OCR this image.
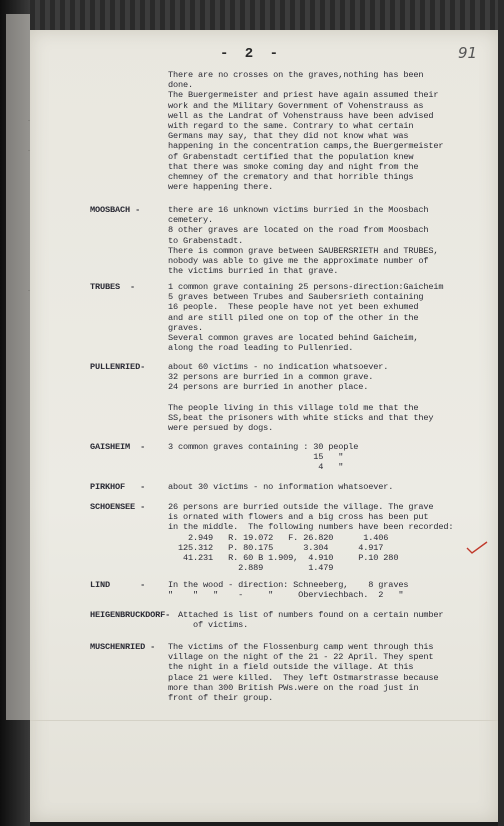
- 2 -	91
There are no crosses on the graves,nothing has been
done.
The Buergermeister and priest have again assumed their
work and the Military Government of Vohenstrauss as
well as the Landrat of Vohenstrauss have been advised
with regard to the same. Contrary to what certain
Germans may say, that they did not know what was
happening in the concentration camps,the Buergermeister
of Grabenstadt certified that the population knew
that there was smoke coming day and night from the
chemney of the crematory and that horrible things
were happening there.
MOOSBACH -	there are 16 unknown victims burried in the Moosbach
cemetery.
8 other graves are located on the road from Moosbach
to Grabenstadt.
There is common grave between SAUBERSRIETH and TRUBES,
nobody was able to give me the approximate number of
the victims burried in that grave.
TRUBES  -	1 common grave containing 25 persons-direction:Gaicheim
5 graves between Trubes and Saubersrieth containing
16 people.  These people have not yet been exhumed
and are still piled one on top of the other in the
graves.
Several common graves are located behind Gaicheim,
along the road leading to Pullenried.
PULLENRIED-	about 60 victims - no indication whatsoever.
32 persons are burried in a common grave.
24 persons are burried in another place.

The people living in this village told me that the
SS,beat the prisoners with white sticks and that they
were persued by dogs.
GAISHEIM  -	3 common graves containing : 30 people
15   "
4   "
PIRKHOF   -	about 30 victims - no information whatsoever.
SCHOENSEE -	26 persons are burried outside the village. The grave
is ornated with flowers and a big cross has been put
in the middle.  The following numbers have been recorded:
2.949   R. 19.072   F. 26.820      1.406
125.312   P. 80.175      3.304      4.917
41.231   R. 60 B 1.909,  4.910     P.10 280
2.889         1.479
LIND      -	In the wood - direction: Schneeberg,    8 graves
"    "   "    -     "     Oberviechbach.  2   "
HEIGENBRUCKDORF- Attached is list of numbers found on a certain number
of victims.
MUSCHENRIED - The victims of the Flossenburg camp went through this
village on the night of the 21 - 22 April. They spent
the night in a field outside the village. At this
place 21 were killed.  They left Ostmarstrasse because
more than 300 British PWs.were on the road just in
front of their group.
